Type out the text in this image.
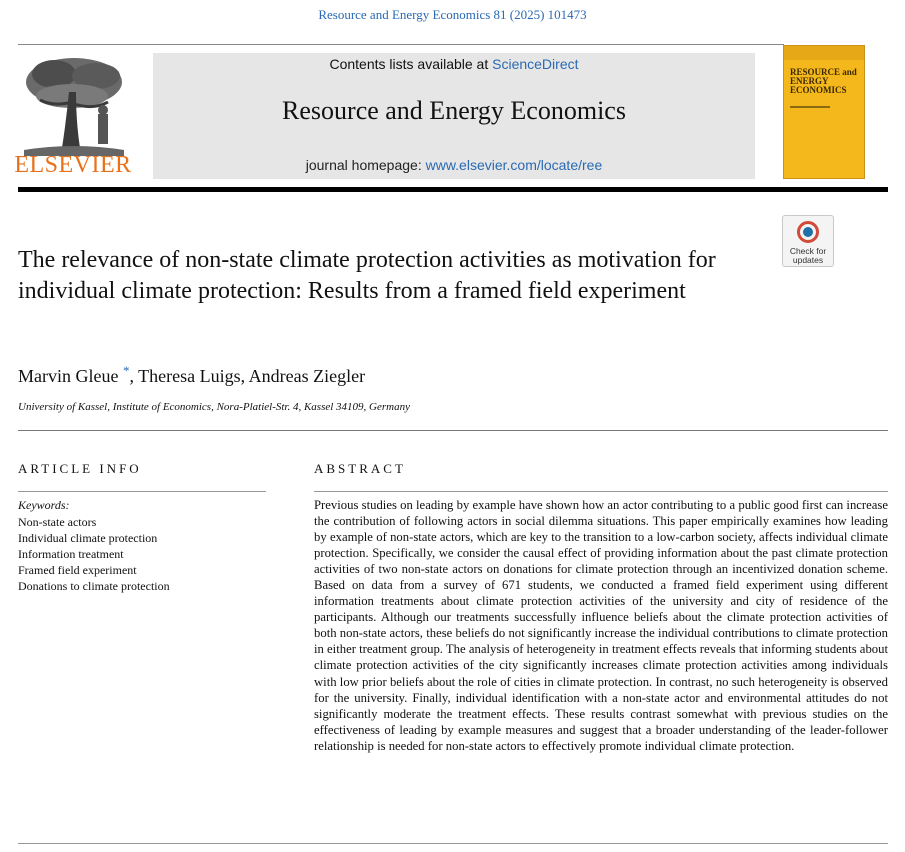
Resource and Energy Economics 81 (2025) 101473
ELSEVIER
Contents lists available at ScienceDirect
Resource and Energy Economics
journal homepage: www.elsevier.com/locate/ree
RESOURCE and ENERGY ECONOMICS
Check for updates
The relevance of non-state climate protection activities as motivation for individual climate protection: Results from a framed field experiment
Marvin Gleue *, Theresa Luigs, Andreas Ziegler
University of Kassel, Institute of Economics, Nora-Platiel-Str. 4, Kassel 34109, Germany
ARTICLE INFO	ABSTRACT
Keywords:
Non-state actors
Individual climate protection
Information treatment
Framed field experiment
Donations to climate protection

Previous studies on leading by example have shown how an actor contributing to a public good first can increase the contribution of following actors in social dilemma situations. This paper empirically examines how leading by example of non-state actors, which are key to the transition to a low-carbon society, affects individual climate protection. Specifically, we consider the causal effect of providing information about the past climate protection activities of two non-state actors on donations for climate protection through an incentivized donation scheme. Based on data from a survey of 671 students, we conducted a framed field experiment using different information treatments about climate protection activities of the university and city of residence of the participants. Although our treatments successfully influence beliefs about the climate protection activities of both non-state actors, these beliefs do not significantly increase the individual contributions to climate protection in either treatment group. The analysis of heterogeneity in treatment effects reveals that informing students about climate protection activities of the city significantly increases climate protection activities among individuals with low prior beliefs about the role of cities in climate protection. In contrast, no such heterogeneity is observed for the university. Finally, individual identification with a non-state actor and environmental attitudes do not significantly moderate the treatment effects. These results contrast somewhat with previous studies on the effectiveness of leading by example measures and suggest that a broader understanding of the leader-follower relationship is needed for non-state actors to effectively promote individual climate protection.
